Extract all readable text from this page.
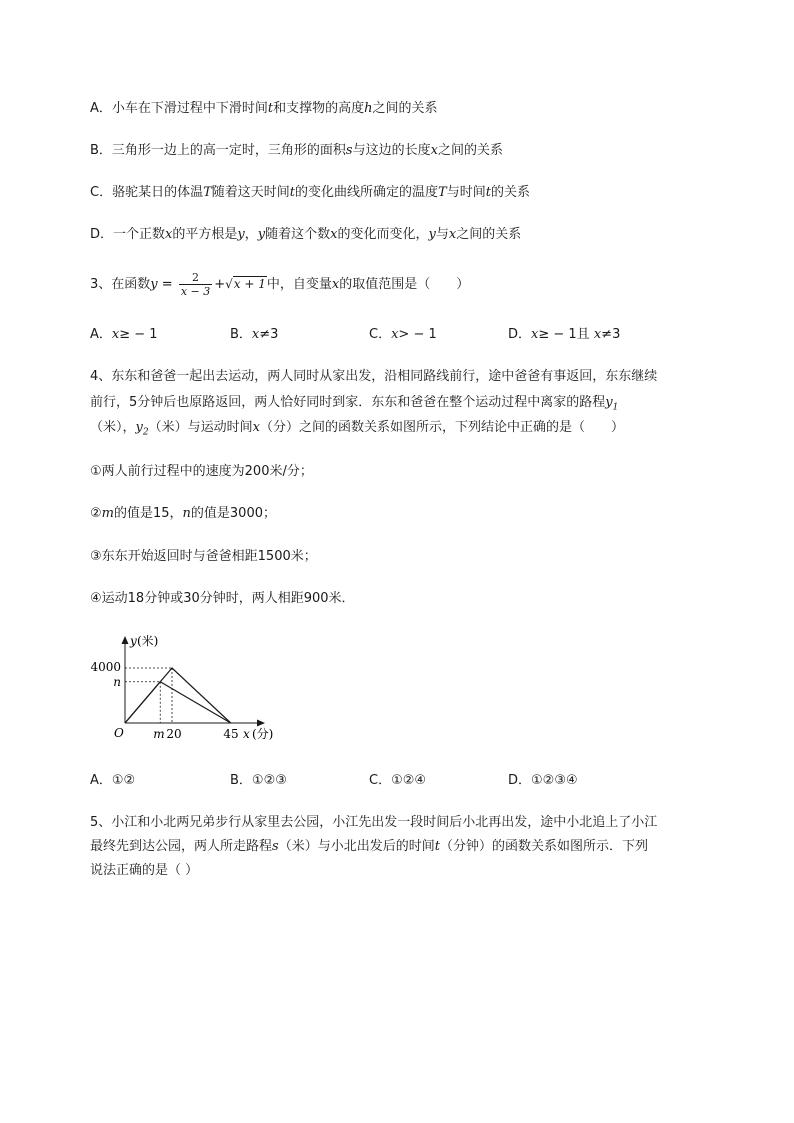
A．小车在下滑过程中下滑时间t和支撑物的高度h之间的关系
B．三角形一边上的高一定时，三角形的面积s与这边的长度x之间的关系
C．骆驼某日的体温T随着这天时间t的变化曲线所确定的温度T与时间t的关系
D．一个正数x的平方根是y，y随着这个数x的变化而变化，y与x之间的关系
3、在函数$y = \frac{2}{x - 3} +√x + 1$中，自变量x的取值范围是（　　）
A．x≥ − 1	B．x≠3	C．x> − 1	D．x≥ − 1且 x≠3
4、东东和爸爸一起出去运动，两人同时从家出发，沿相同路线前行，途中爸爸有事返回，东东继续
前行，5分钟后也原路返回，两人恰好同时到家．东东和爸爸在整个运动过程中离家的路程$y_1$
（米），$y_2$（米）与运动时间x（分）之间的函数关系如图所示，下列结论中正确的是（　　）
①两人前行过程中的速度为200米/分；
②m的值是15，n的值是3000；
③东东开始返回时与爸爸相距1500米；
④运动18分钟或30分钟时，两人相距900米．
y (米)
x (分)
O
4000
n
m 20	45
A．①②	B．①②③	C．①②④	D．①②③④
5、小江和小北两兄弟步行从家里去公园，小江先出发一段时间后小北再出发，途中小北追上了小江
最终先到达公园，两人所走路程s（米）与小北出发后的时间t（分钟）的函数关系如图所示．下列
说法正确的是（ ）
